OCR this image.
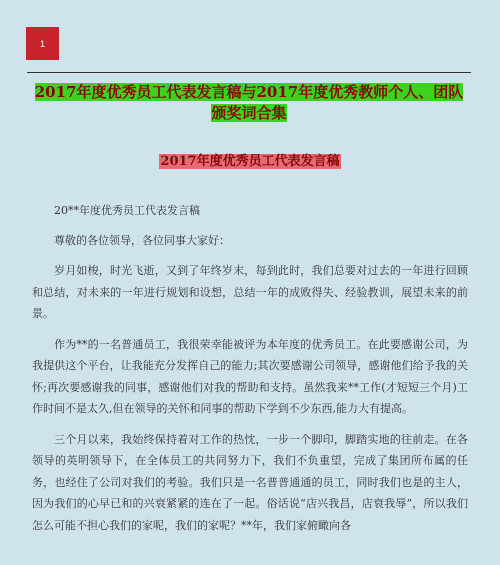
1
2017年度优秀员工代表发言稿与2017年度优秀教师个人、团队颁奖词合集
2017年度优秀员工代表发言稿

20**年度优秀员工代表发言稿

尊敬的各位领导，各位同事大家好：

岁月如梭，时光飞逝，又到了年终岁末，每到此时，我们总要对过去的一年进行回顾和总结，对未来的一年进行规划和设想，总结一年的成败得失、经验教训，展望未来的前景。

作为**的一名普通员工，我很荣幸能被评为本年度的优秀员工。在此要感谢公司，为我提供这个平台，让我能充分发挥自己的能力;其次要感谢公司领导，感谢他们给予我的关怀;再次要感谢我的同事，感谢他们对我的帮助和支持。虽然我来**工作(才短短三个月)工作时间不是太久,但在领导的关怀和同事的帮助下学到不少东西,能力大有提高。

三个月以来，我始终保持着对工作的热忱，一步一个脚印，脚踏实地的往前走。在各领导的英明领导下，在全体员工的共同努力下，我们不负重望，完成了集团所布属的任务，也经住了公司对我们的考验。我们只是一名普普通通的员工，同时我们也是的主人，因为我们的心早已和的兴衰紧紧的连在了一起。俗话说“店兴我昌，店衰我辱”，所以我们怎么可能不担心我们的家呢，我们的家呢？**年，我们家俯瞰向各
